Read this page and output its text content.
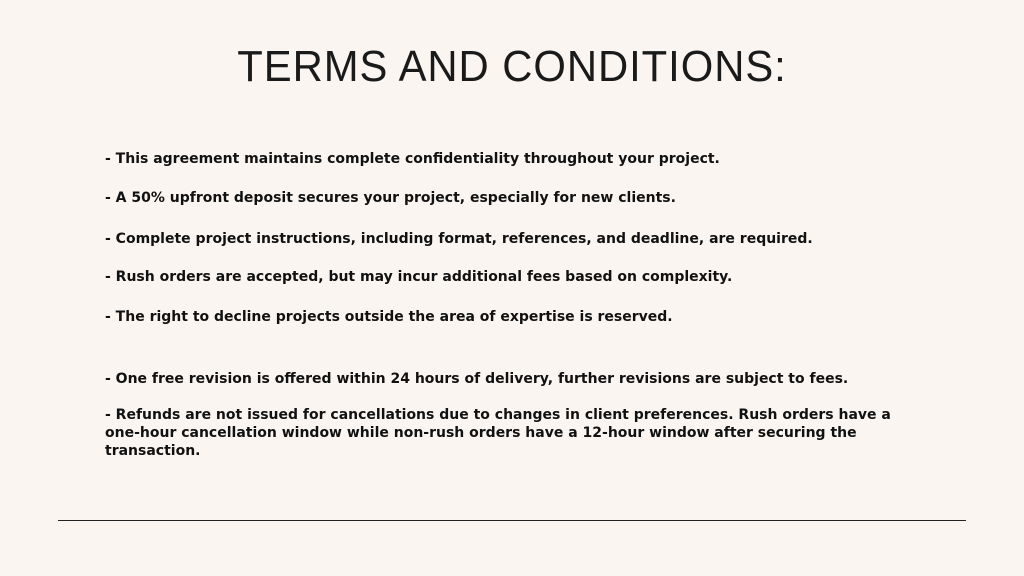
TERMS AND CONDITIONS:

- This agreement maintains complete confidentiality throughout your project.

- A 50% upfront deposit secures your project, especially for new clients.

- Complete project instructions, including format, references, and deadline, are required.

- Rush orders are accepted, but may incur additional fees based on complexity.

- The right to decline projects outside the area of expertise is reserved.

- One free revision is offered within 24 hours of delivery, further revisions are subject to fees.

- Refunds are not issued for cancellations due to changes in client preferences. Rush orders have a one-hour cancellation window while non-rush orders have a 12-hour window after securing the transaction.
